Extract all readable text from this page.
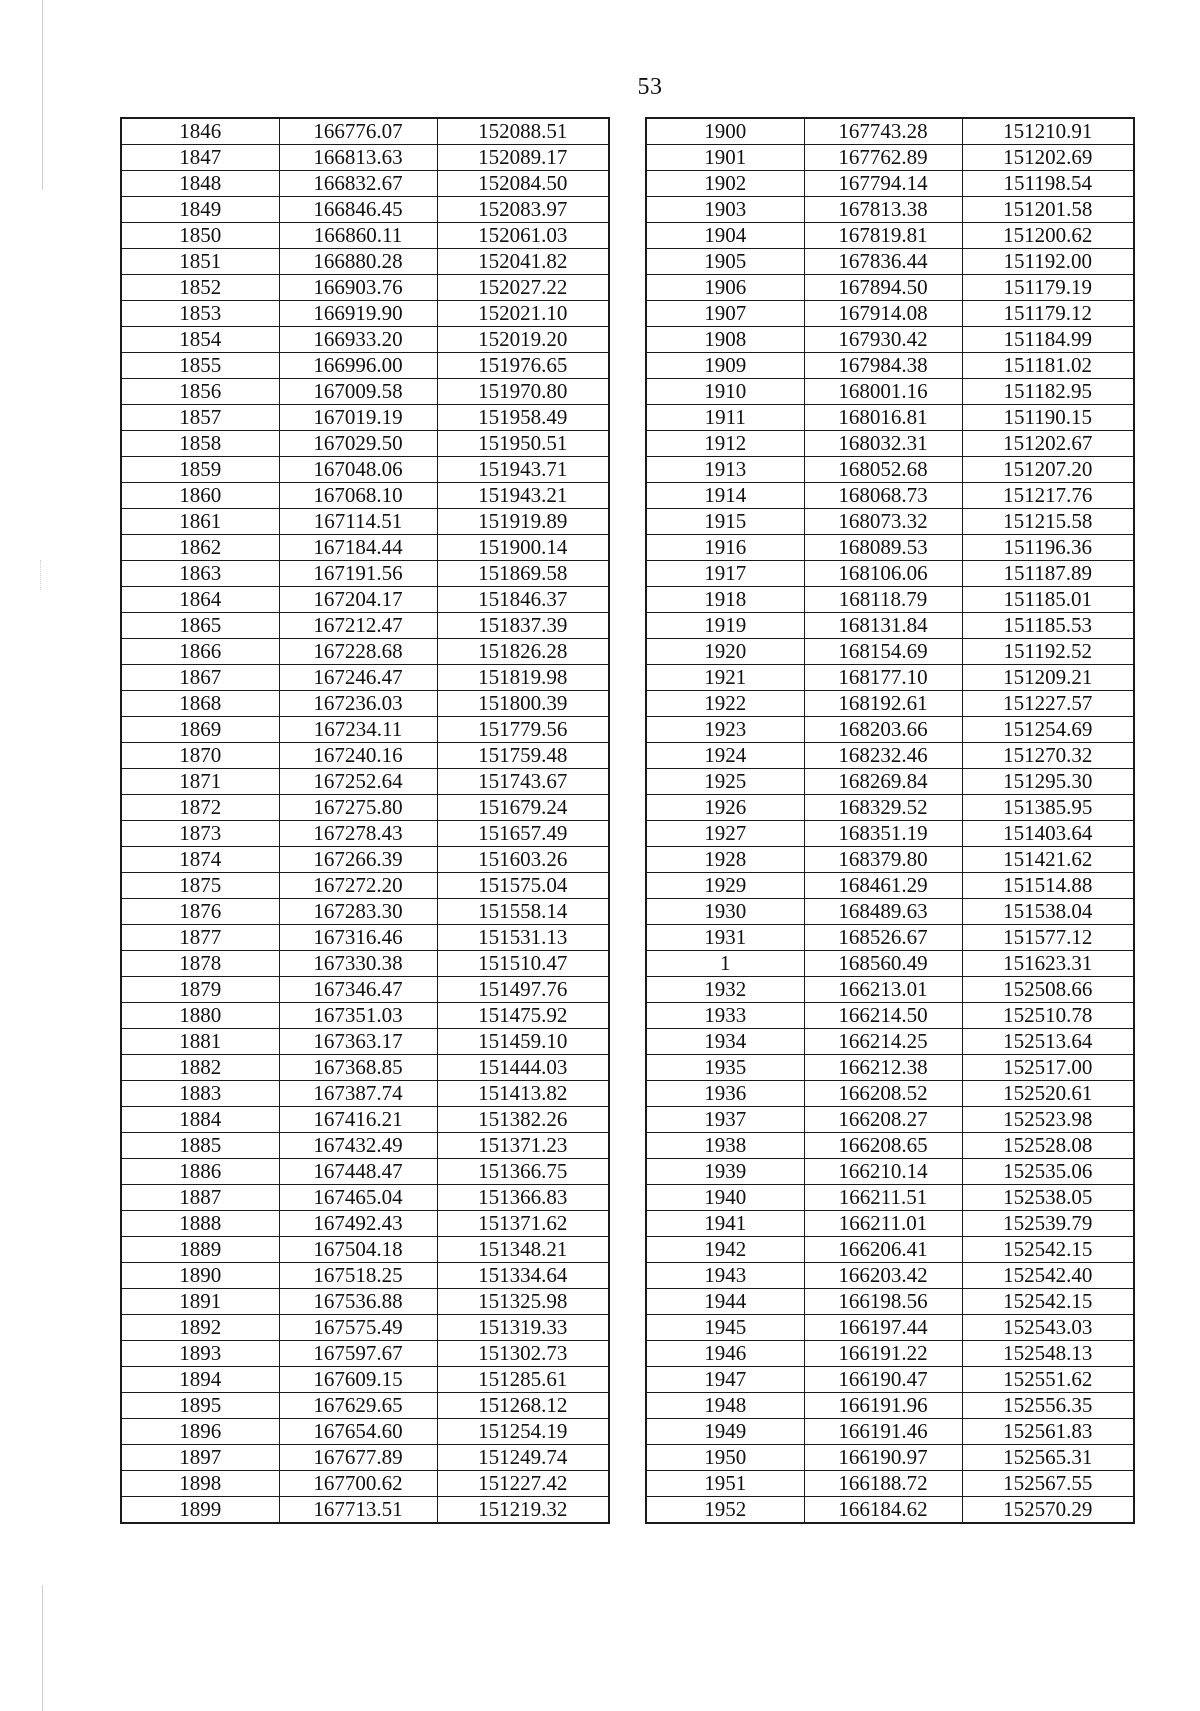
53
1846	166776.07	152088.51
1847	166813.63	152089.17
1848	166832.67	152084.50
1849	166846.45	152083.97
1850	166860.11	152061.03
1851	166880.28	152041.82
1852	166903.76	152027.22
1853	166919.90	152021.10
1854	166933.20	152019.20
1855	166996.00	151976.65
1856	167009.58	151970.80
1857	167019.19	151958.49
1858	167029.50	151950.51
1859	167048.06	151943.71
1860	167068.10	151943.21
1861	167114.51	151919.89
1862	167184.44	151900.14
1863	167191.56	151869.58
1864	167204.17	151846.37
1865	167212.47	151837.39
1866	167228.68	151826.28
1867	167246.47	151819.98
1868	167236.03	151800.39
1869	167234.11	151779.56
1870	167240.16	151759.48
1871	167252.64	151743.67
1872	167275.80	151679.24
1873	167278.43	151657.49
1874	167266.39	151603.26
1875	167272.20	151575.04
1876	167283.30	151558.14
1877	167316.46	151531.13
1878	167330.38	151510.47
1879	167346.47	151497.76
1880	167351.03	151475.92
1881	167363.17	151459.10
1882	167368.85	151444.03
1883	167387.74	151413.82
1884	167416.21	151382.26
1885	167432.49	151371.23
1886	167448.47	151366.75
1887	167465.04	151366.83
1888	167492.43	151371.62
1889	167504.18	151348.21
1890	167518.25	151334.64
1891	167536.88	151325.98
1892	167575.49	151319.33
1893	167597.67	151302.73
1894	167609.15	151285.61
1895	167629.65	151268.12
1896	167654.60	151254.19
1897	167677.89	151249.74
1898	167700.62	151227.42
1899	167713.51	151219.32
1900	167743.28	151210.91
1901	167762.89	151202.69
1902	167794.14	151198.54
1903	167813.38	151201.58
1904	167819.81	151200.62
1905	167836.44	151192.00
1906	167894.50	151179.19
1907	167914.08	151179.12
1908	167930.42	151184.99
1909	167984.38	151181.02
1910	168001.16	151182.95
1911	168016.81	151190.15
1912	168032.31	151202.67
1913	168052.68	151207.20
1914	168068.73	151217.76
1915	168073.32	151215.58
1916	168089.53	151196.36
1917	168106.06	151187.89
1918	168118.79	151185.01
1919	168131.84	151185.53
1920	168154.69	151192.52
1921	168177.10	151209.21
1922	168192.61	151227.57
1923	168203.66	151254.69
1924	168232.46	151270.32
1925	168269.84	151295.30
1926	168329.52	151385.95
1927	168351.19	151403.64
1928	168379.80	151421.62
1929	168461.29	151514.88
1930	168489.63	151538.04
1931	168526.67	151577.12
1	168560.49	151623.31
1932	166213.01	152508.66
1933	166214.50	152510.78
1934	166214.25	152513.64
1935	166212.38	152517.00
1936	166208.52	152520.61
1937	166208.27	152523.98
1938	166208.65	152528.08
1939	166210.14	152535.06
1940	166211.51	152538.05
1941	166211.01	152539.79
1942	166206.41	152542.15
1943	166203.42	152542.40
1944	166198.56	152542.15
1945	166197.44	152543.03
1946	166191.22	152548.13
1947	166190.47	152551.62
1948	166191.96	152556.35
1949	166191.46	152561.83
1950	166190.97	152565.31
1951	166188.72	152567.55
1952	166184.62	152570.29
